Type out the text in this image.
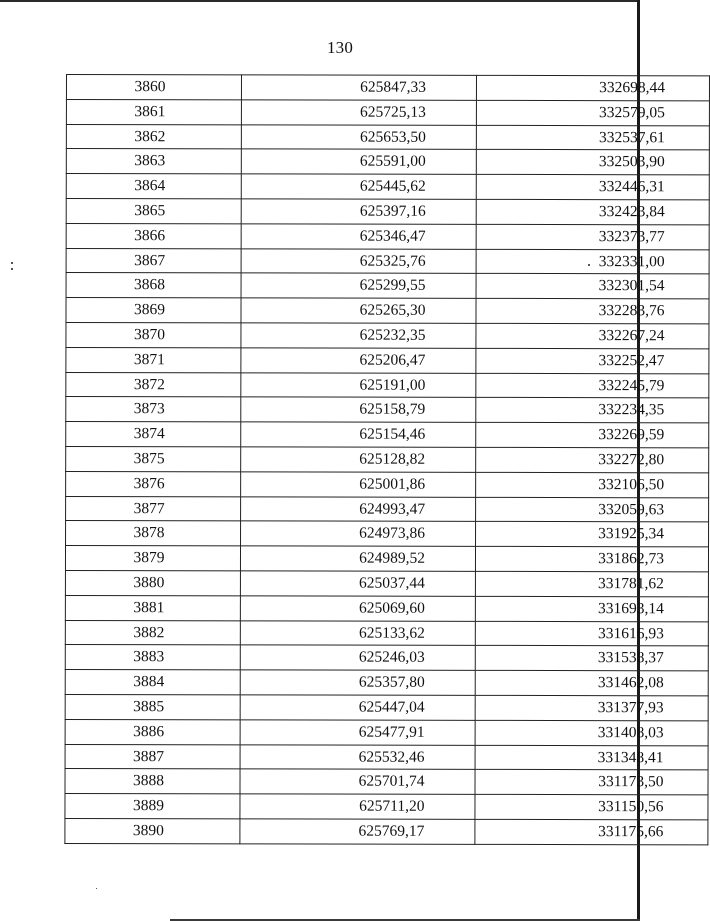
130
3860	625847,33	332698,44
3861	625725,13	332579,05
3862	625653,50	332537,61
3863	625591,00	332503,90
3864	625445,62	332446,31
3865	625397,16	332423,84
3866	625346,47	332373,77
3867	625325,76	332331,00
3868	625299,55	332301,54
3869	625265,30	332283,76
3870	625232,35	332267,24
3871	625206,47	332252,47
3872	625191,00	332245,79
3873	625158,79	332234,35
3874	625154,46	332269,59
3875	625128,82	332272,80
3876	625001,86	332106,50
3877	624993,47	332059,63
3878	624973,86	331925,34
3879	624989,52	331862,73
3880	625037,44	331781,62
3881	625069,60	331693,14
3882	625133,62	331616,93
3883	625246,03	331538,37
3884	625357,80	331462,08
3885	625447,04	331377,93
3886	625477,91	331408,03
3887	625532,46	331348,41
3888	625701,74	331173,50
3889	625711,20	331150,56
3890	625769,17	331175,66
